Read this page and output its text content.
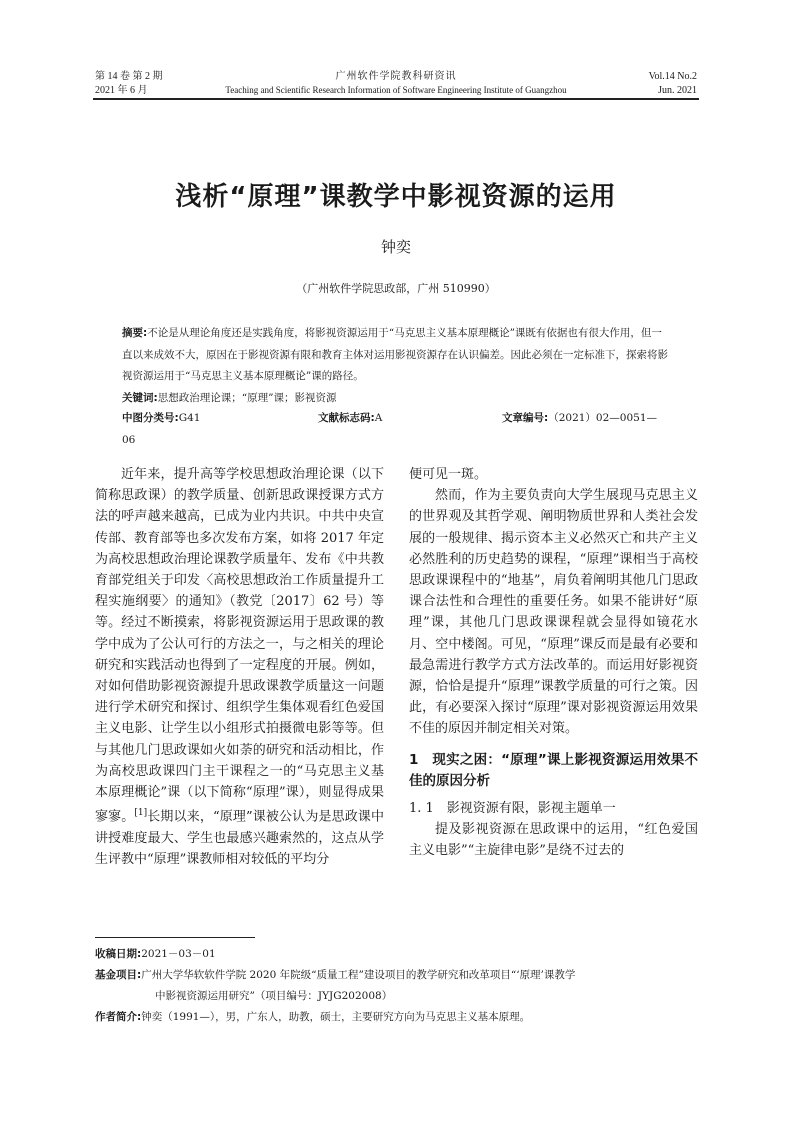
第 14 卷 第 2 期
2021 年 6 月
广州软件学院教科研资讯
Teaching and Scientific Research Information of Software Engineering Institute of Guangzhou
Vol.14 No.2
Jun. 2021
浅析“原理”课教学中影视资源的运用
钟奕
（广州软件学院思政部，广州 510990）
摘要:不论是从理论角度还是实践角度，将影视资源运用于“马克思主义基本原理概论”课既有依据也有很大作用，但一直以来成效不大，原因在于影视资源有限和教育主体对运用影视资源存在认识偏差。因此必须在一定标准下，探索将影视资源运用于“马克思主义基本原理概论”课的路径。
关键词:思想政治理论课；“原理”课；影视资源
中图分类号:G41	文献标志码:A	文章编号:（2021）02—0051—06

近年来，提升高等学校思想政治理论课（以下简称思政课）的教学质量、创新思政课授课方式方法的呼声越来越高，已成为业内共识。中共中央宣传部、教育部等也多次发布方案，如将 2017 年定为高校思想政治理论课教学质量年、发布《中共教育部党组关于印发〈高校思想政治工作质量提升工程实施纲要〉的通知》（教党〔2017〕62 号）等等。经过不断摸索，将影视资源运用于思政课的教学中成为了公认可行的方法之一，与之相关的理论研究和实践活动也得到了一定程度的开展。例如，对如何借助影视资源提升思政课教学质量这一问题进行学术研究和探讨、组织学生集体观看红色爱国主义电影、让学生以小组形式拍摄微电影等等。但与其他几门思政课如火如荼的研究和活动相比，作为高校思政课四门主干课程之一的“马克思主义基本原理概论”课（以下简称“原理”课），则显得成果寥寥。[1]长期以来，“原理”课被公认为是思政课中讲授难度最大、学生也最感兴趣索然的，这点从学生评教中“原理”课教师相对较低的平均分

便可见一斑。

然而，作为主要负责向大学生展现马克思主义的世界观及其哲学观、阐明物质世界和人类社会发展的一般规律、揭示资本主义必然灭亡和共产主义必然胜利的历史趋势的课程，“原理”课相当于高校思政课课程中的“地基”，肩负着阐明其他几门思政课合法性和合理性的重要任务。如果不能讲好“原理”课，其他几门思政课课程就会显得如镜花水月、空中楼阁。可见，“原理”课反而是最有必要和最急需进行教学方式方法改革的。而运用好影视资源，恰恰是提升“原理”课教学质量的可行之策。因此，有必要深入探讨“原理”课对影视资源运用效果不佳的原因并制定相关对策。

1　现实之困：“原理”课上影视资源运用效果不佳的原因分析
1. 1　影视资源有限，影视主题单一

提及影视资源在思政课中的运用，“红色爱国主义电影”“主旋律电影”是绕不过去的

收稿日期:2021－03－01
基金项目:广州大学华软软件学院 2020 年院级“质量工程”建设项目的教学研究和改革项目“‘原理’课教学
中影视资源运用研究”（项目编号：JYJG202008）
作者简介:钟奕（1991—），男，广东人，助教，硕士，主要研究方向为马克思主义基本原理。
